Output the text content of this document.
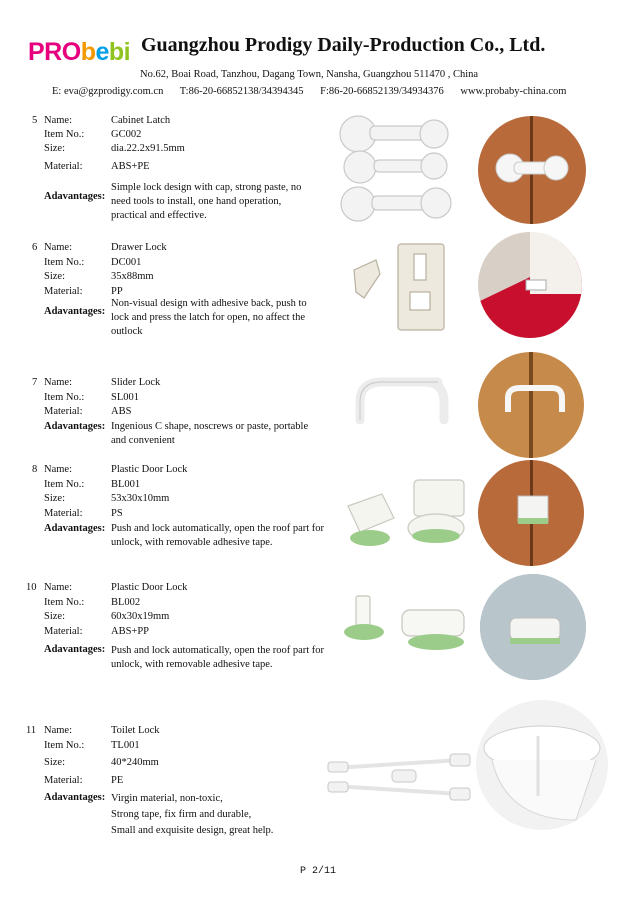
PRObebi Guangzhou Prodigy Daily-Production Co., Ltd.
No.62, Boai Road, Tanzhou, Dagang Town, Nansha, Guangzhou 511470 , China
E: eva@gzprodigy.com.cn T:86-20-66852138/34394345 F:86-20-66852139/34934376 www.probaby-china.com
5 Name:	Cabinet Latch
Item No.:	GC002
Size:	dia.22.2x91.5mm
Material:	ABS+PE
Adavantages:
Simple lock design with cap, strong paste, no need tools to install, one hand operation, practical and effective.
6 Name:	Drawer Lock
Item No.:	DC001
Size:	35x88mm
Material:	PP
Adavantages:
Non-visual design with adhesive back, push to lock and press the latch for open, no affect the outlock
7 Name:	Slider Lock
Item No.:	SL001
Material:	ABS
Adavantages: Ingenious C shape, noscrews or paste, portable and convenient
8 Name:	Plastic Door Lock
Item No.:	BL001
Size:	53x30x10mm
Material:	PS
Adavantages: Push and lock automatically, open the roof part for unlock, with removable adhesive tape.
10 Name:	Plastic Door Lock
Item No.:	BL002
Size:	60x30x19mm
Material:	ABS+PP
Adavantages: Push and lock automatically, open the roof part for unlock, with removable adhesive tape.
11 Name:	Toilet Lock
Item No.:	TL001
Size:	40*240mm
Material:	PE
Adavantages: Virgin material, non-toxic,
Strong tape, fix firm and durable,
Small and exquisite design, great help.
P 2/11
